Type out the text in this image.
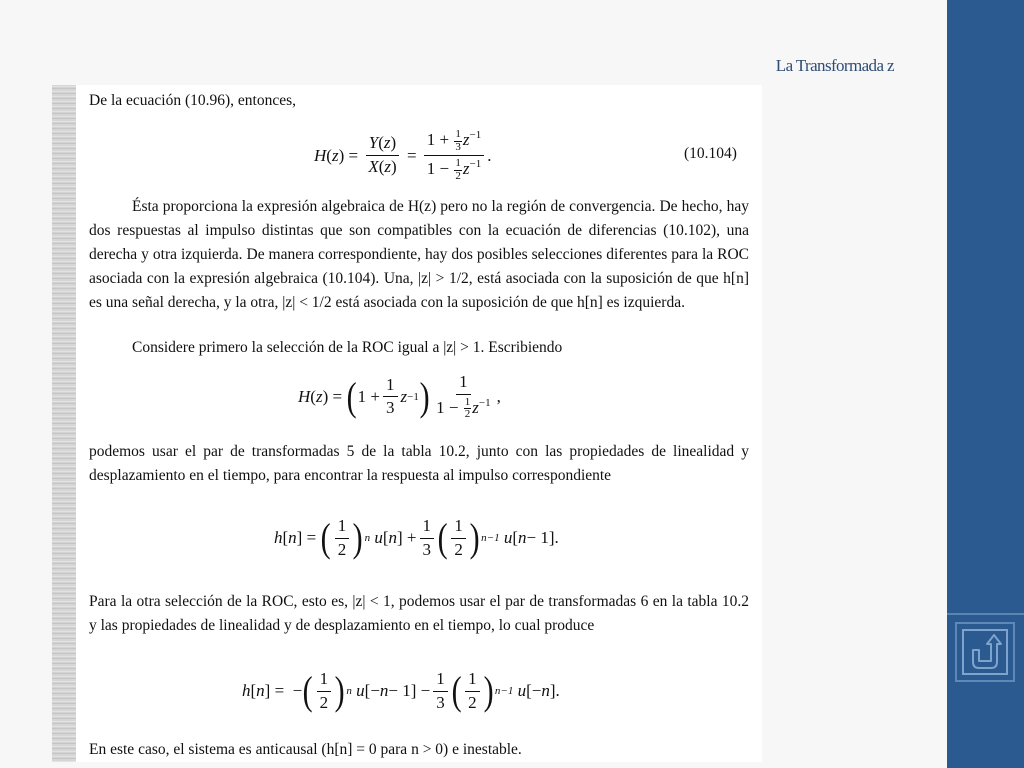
La Transformada z

De la ecuación (10.96), entonces,

H ( z ) = $\frac{Y(z)}{X(z)} = \frac{1 + \frac{1}{3} z^{-1}}{1 - \frac{1}{2} z^{-1}}$ .	(10.104)

Ésta proporciona la expresión algebraica de H(z) pero no la región de convergencia. De hecho, hay dos respuestas al impulso distintas que son compatibles con la ecuación de diferencias (10.102), una derecha y otra izquierda. De manera correspondiente, hay dos posibles selecciones diferentes para la ROC asociada con la expresión algebraica (10.104). Una, |z| > 1/2, está asociada con la suposición de que h[n] es una señal derecha, y la otra, |z| < 1/2 está asociada con la suposición de que h[n] es izquierda.

Considere primero la selección de la ROC igual a |z| > 1. Escribiendo

H ( z ) = ( $1 + \frac{1}{3}$ z −1 ) $\frac{1}{1 - \frac{1}{2} z^{-1}}$ ,

podemos usar el par de transformadas 5 de la tabla 10.2, junto con las propiedades de linealidad y desplazamiento en el tiempo, para encontrar la respuesta al impulso correspondiente

h [ n ] = ( $\frac{1}{2}$ ) n
u [ n ] + $\frac{1}{3}$ ( $\frac{1}{2}$ ) n−1
u [ n − 1].

Para la otra selección de la ROC, esto es, |z| < 1, podemos usar el par de transformadas 6 en la tabla 10.2 y las propiedades de linealidad y de desplazamiento en el tiempo, lo cual produce

h [ n ] =  − ( $\frac{1}{2}$ ) n
u [− $n - 1] - \frac{1}{3}$ ( $\frac{1}{2}$ ) n−1
u [− n ].

En este caso, el sistema es anticausal (h[n] = 0 para n > 0) e inestable.
